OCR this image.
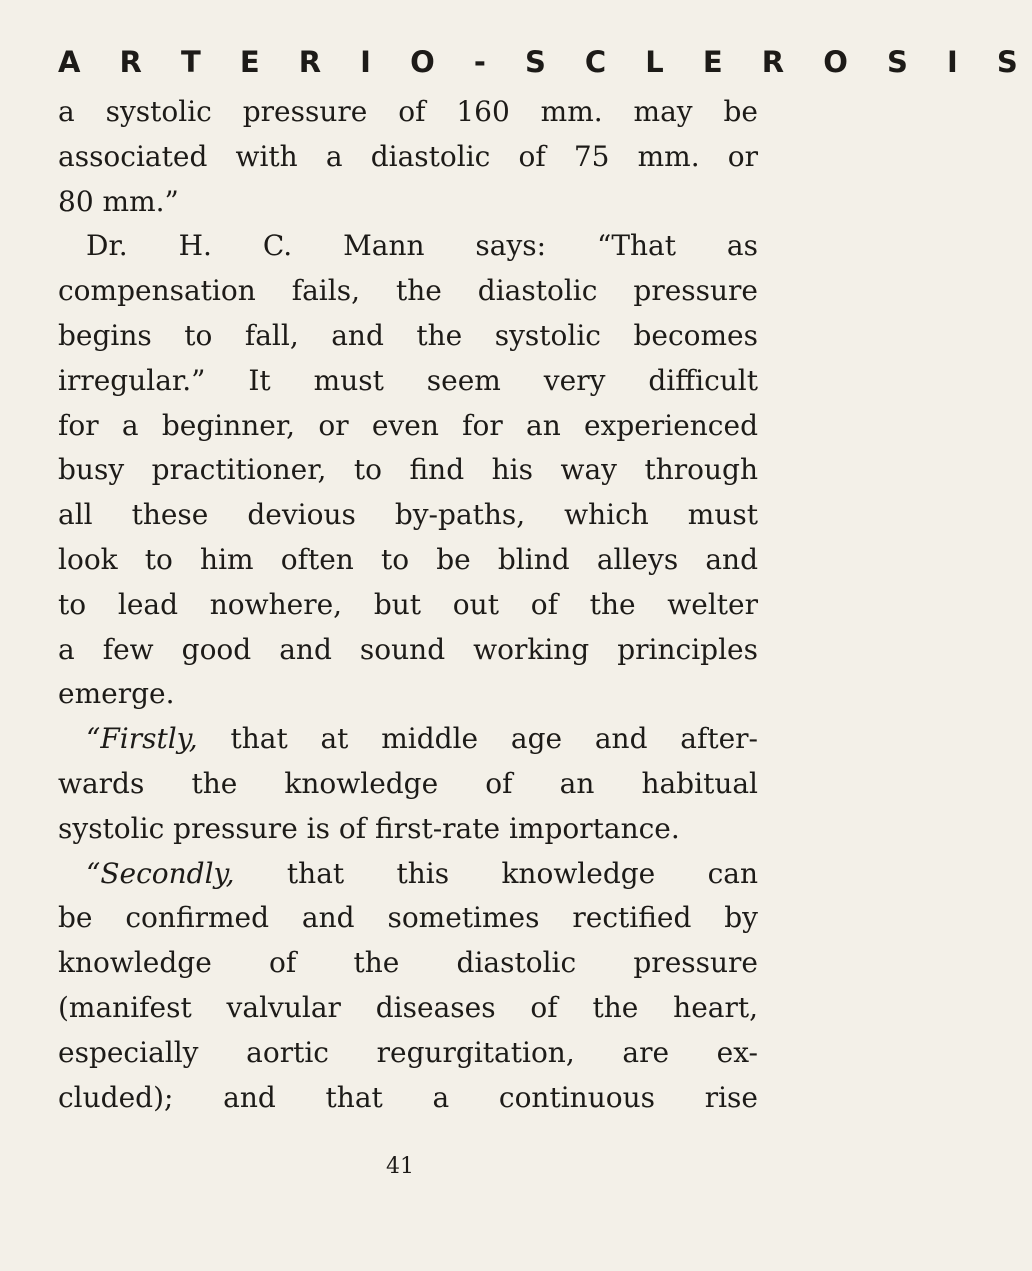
A R T E R I O - S C L E R O S I S
a systolic pressure of 160 mm. may be
associated with a diastolic of 75 mm. or
80 mm.”
Dr. H. C. Mann says: “That as
compensation fails, the diastolic pressure
begins to fall, and the systolic becomes
irregular.” It must seem very difficult
for a beginner, or even for an experienced
busy practitioner, to find his way through
all these devious by-paths, which must
look to him often to be blind alleys and
to lead nowhere, but out of the welter
a few good and sound working principles
emerge.
“Firstly, that at middle age and after-
wards the knowledge of an habitual
systolic pressure is of first-rate importance.
“Secondly, that this knowledge can
be confirmed and sometimes rectified by
knowledge of the diastolic pressure
(manifest valvular diseases of the heart,
especially aortic regurgitation, are ex-
cluded); and that a continuous rise
41
